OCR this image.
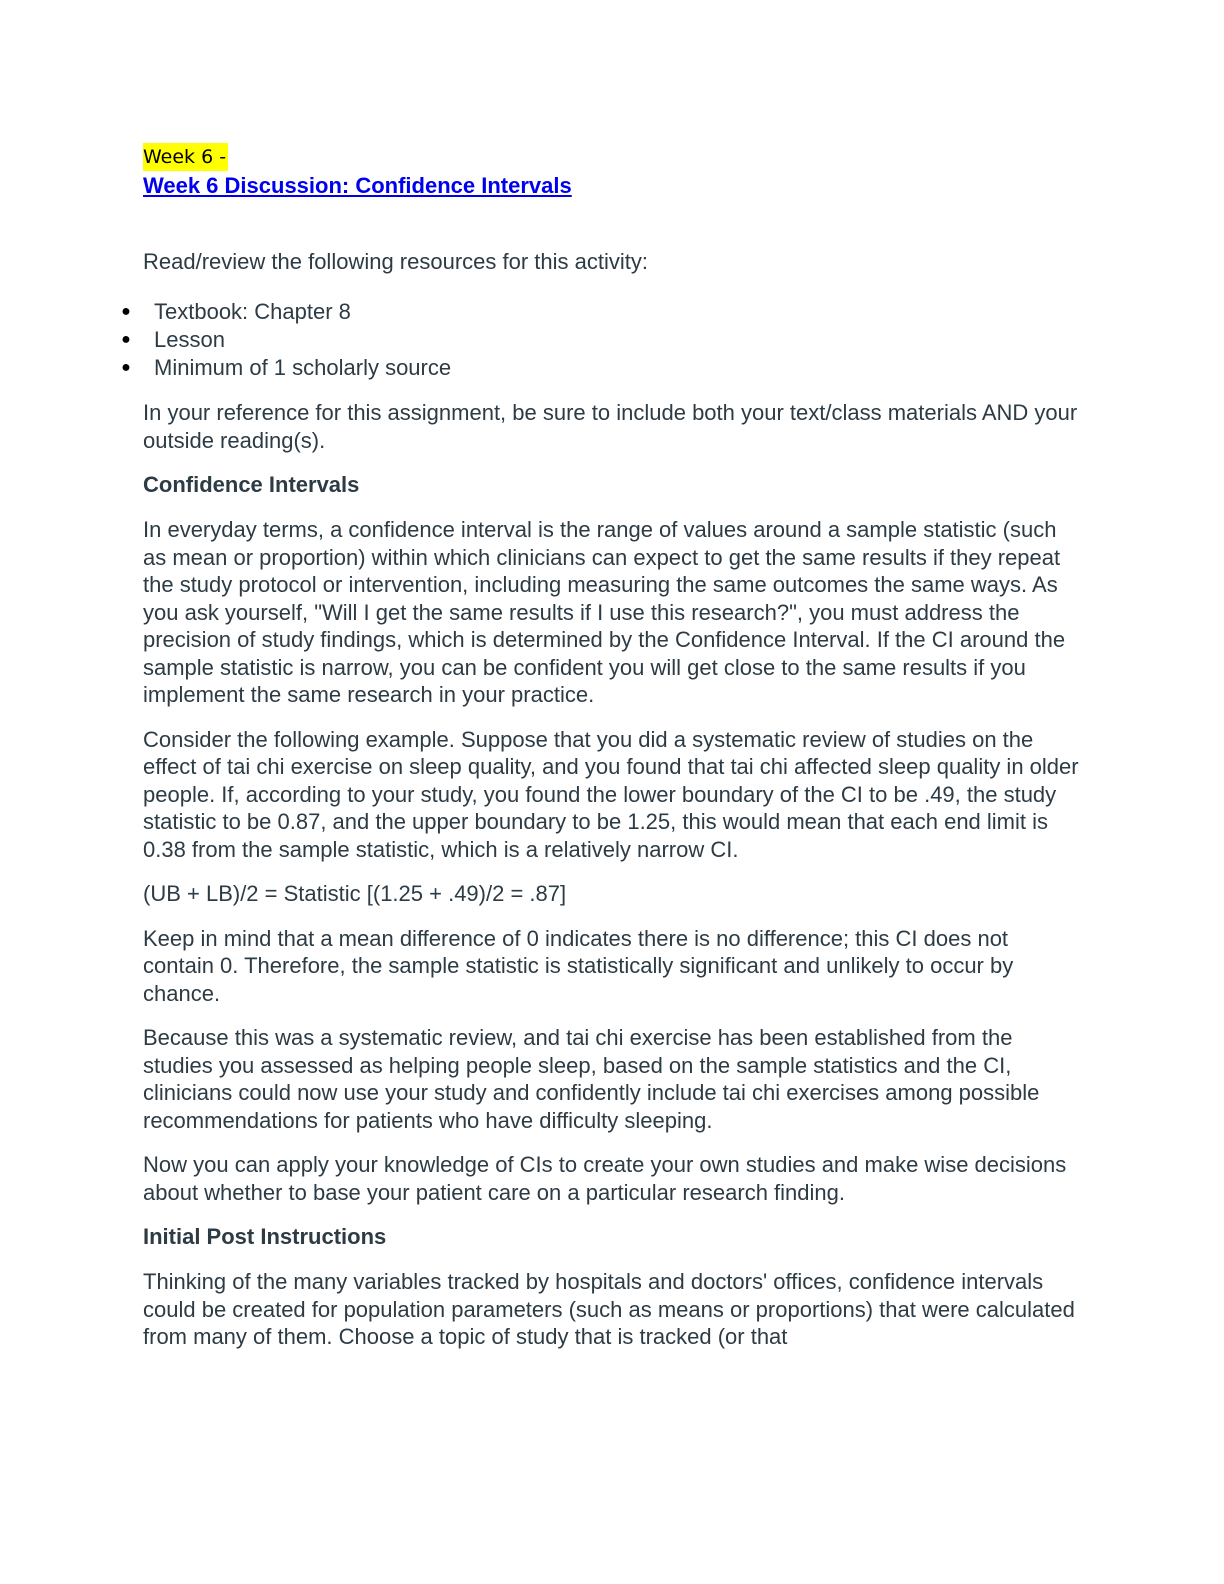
Week 6 -
Week 6 Discussion: Confidence Intervals

Read/review the following resources for this activity:

● Textbook: Chapter 8
● Lesson
● Minimum of 1 scholarly source

In your reference for this assignment, be sure to include both your text/class materials AND your outside reading(s).

Confidence Intervals

In everyday terms, a confidence interval is the range of values around a sample statistic (such as mean or proportion) within which clinicians can expect to get the same results if they repeat the study protocol or intervention, including measuring the same outcomes the same ways. As you ask yourself, "Will I get the same results if I use this research?", you must address the precision of study findings, which is determined by the Confidence Interval. If the CI around the sample statistic is narrow, you can be confident you will get close to the same results if you implement the same research in your practice.

Consider the following example. Suppose that you did a systematic review of studies on the effect of tai chi exercise on sleep quality, and you found that tai chi affected sleep quality in older people. If, according to your study, you found the lower boundary of the CI to be .49, the study statistic to be 0.87, and the upper boundary to be 1.25, this would mean that each end limit is 0.38 from the sample statistic, which is a relatively narrow CI.

(UB + LB)/2 = Statistic [(1.25 + .49)/2 = .87]

Keep in mind that a mean difference of 0 indicates there is no difference; this CI does not contain 0. Therefore, the sample statistic is statistically significant and unlikely to occur by chance.

Because this was a systematic review, and tai chi exercise has been established from the studies you assessed as helping people sleep, based on the sample statistics and the CI, clinicians could now use your study and confidently include tai chi exercises among possible recommendations for patients who have difficulty sleeping.

Now you can apply your knowledge of CIs to create your own studies and make wise decisions about whether to base your patient care on a particular research finding.

Initial Post Instructions

Thinking of the many variables tracked by hospitals and doctors' offices, confidence intervals could be created for population parameters (such as means or proportions) that were calculated from many of them. Choose a topic of study that is tracked (or that
